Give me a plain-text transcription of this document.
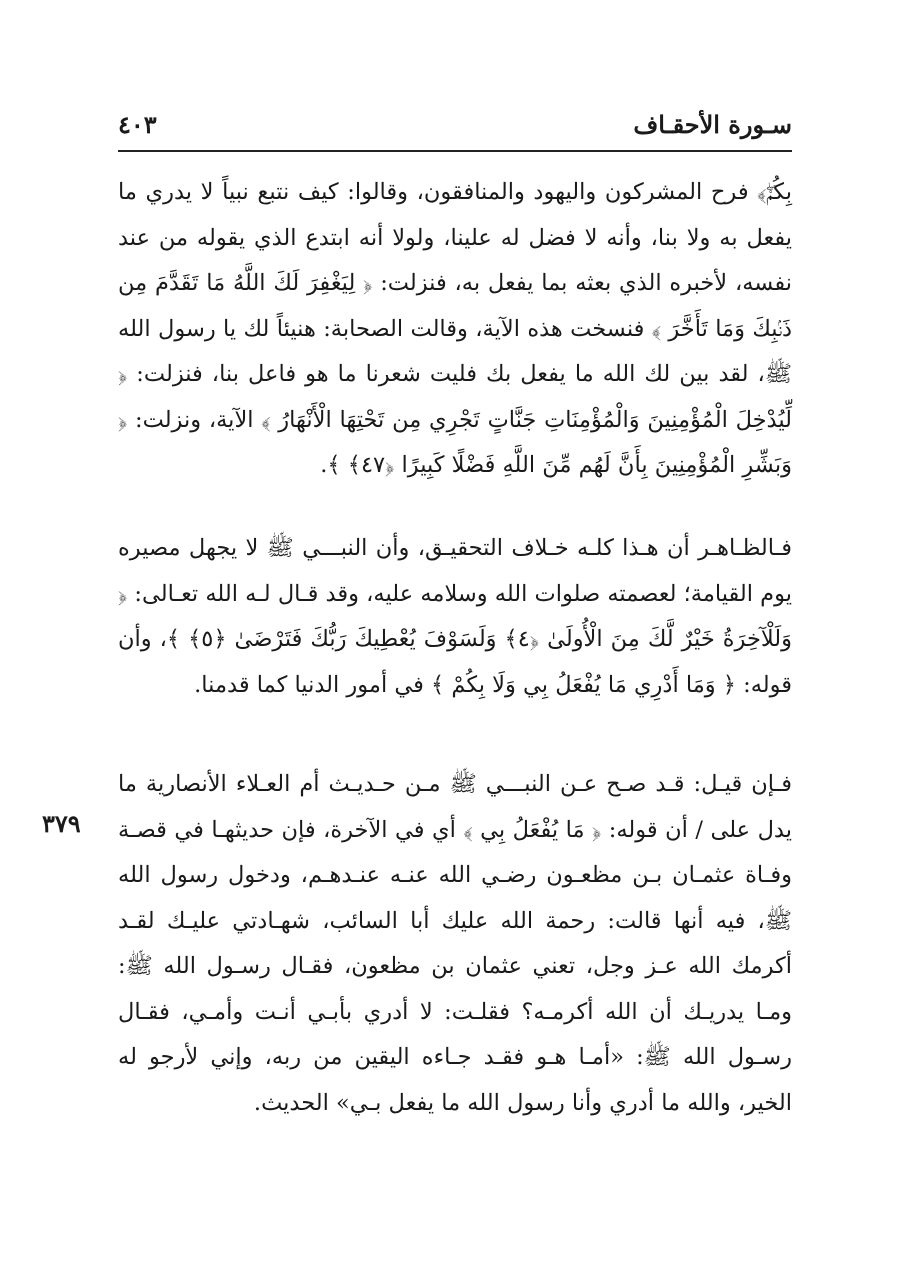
سـورة الأحقـاف
٤٠٣

بِكُمْۖ﴾ فرح المشركون واليهود والمنافقون، وقالوا: كيف نتبع نبياً لا يدري ما يفعل به ولا بنا، وأنه لا فضل له علينا، ولولا أنه ابتدع الذي يقوله من عند نفسه، لأخبره الذي بعثه بما يفعل به، فنزلت: ﴿ لِيَغْفِرَ لَكَ اللَّهُ مَا تَقَدَّمَ مِن ذَنۢبِكَ وَمَا تَأَخَّرَ ﴾ فنسخت هذه الآية، وقالت الصحابة: هنيئاً لك يا رسول الله ﷺ، لقد بين لك الله ما يفعل بك فليت شعرنا ما هو فاعل بنا، فنزلت: ﴿ لِّيُدْخِلَ الْمُؤْمِنِينَ وَالْمُؤْمِنَاتِ جَنَّاتٍ تَجْرِي مِن تَحْتِهَا الْأَنْهَارُ ﴾ الآية، ونزلت: ﴿ وَبَشِّرِ الْمُؤْمِنِينَ بِأَنَّ لَهُم مِّنَ اللَّهِ فَضْلًا كَبِيرًا ﴿٤٧﴾ ﴾.

فـالظـاهـر أن هـذا كلـه خـلاف التحقيـق، وأن النبـــي ﷺ لا يجهل مصيره يوم القيامة؛ لعصمته صلوات الله وسلامه عليه، وقد قـال لـه الله تعـالى: ﴿ وَلَلْآخِرَةُ خَيْرٌ لَّكَ مِنَ الْأُولَىٰ ﴿٤﴾ وَلَسَوْفَ يُعْطِيكَ رَبُّكَ فَتَرْضَىٰ ﴿٥﴾ ﴾، وأن قوله: ﴿ وَمَا أَدْرِي مَا يُفْعَلُ بِي وَلَا بِكُمْ ﴾ في أمور الدنيا كما قدمنا.

فـإن قيـل: قـد صـح عـن النبـــي ﷺ مـن حـديـث أم العـلاء الأنصارية ما يدل على / أن قوله: ﴿ مَا يُفْعَلُ بِي ﴾ أي في الآخرة، فإن حديثهـا في قصـة وفـاة عثمـان بـن مظعـون رضـي الله عنـه عنـدهـم، ودخول رسول الله ﷺ، فيه أنها قالت: رحمة الله عليك أبا السائب، شهـادتي عليـك لقـد أكرمك الله عـز وجل، تعني عثمان بن مظعون، فقـال رسـول الله ﷺ: ومـا يدريـك أن الله أكرمـه؟ فقلـت: لا أدري بأبـي أنـت وأمـي، فقـال رسـول الله ﷺ: «أمـا هـو فقـد جـاءه اليقين من ربه، وإني لأرجو له الخير، والله ما أدري وأنا رسول الله ما يفعل بـي» الحديث.

٣٧٩
